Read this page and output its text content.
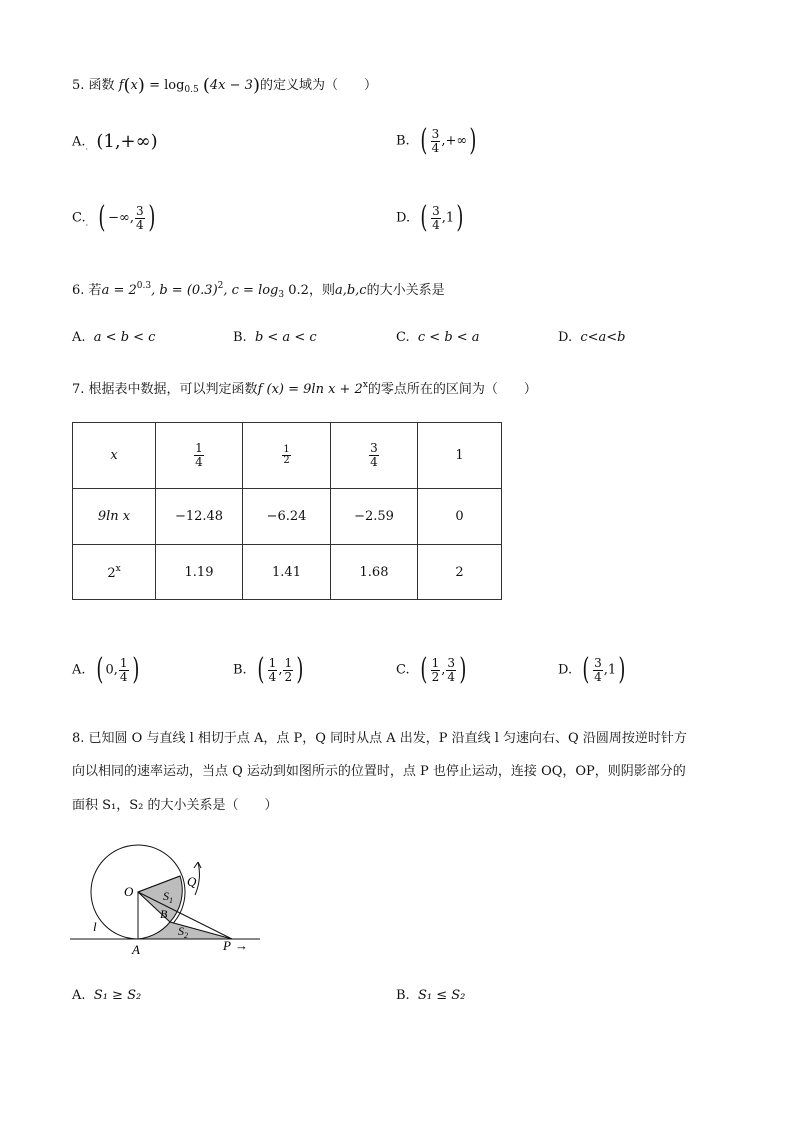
5. 函数 $f(x) = \log_{0.5} (4x - 3)$的定义域为（　　）
$A._.$ (1,+∞)	B. ( $\frac{3}{4}$ ,+∞)
$C._.$ ( −∞, $\frac{3}{4}$ )	D. ( $\frac{3}{4} ,1$)
6. 若$a = 2^{0.3}$, $b = (0.3)^2$, $c = \log_3 0.2$，则a,b,c的大小关系是
A. a < b < c	B. b < a < c	C. c < b < a	D. c<a<b
7. 根据表中数据，可以判定函数f (x) = 9ln $x + 2^x$的零点所在的区间为（　　）
x	$\frac{1}{4}$	$\frac{1}{2}$	$\frac{3}{4}$	1
9ln x	−12.48	−6.24	−2.59	0
2$^x$	1.19	1.41	1.68	2
A. ( 0, $\frac{1}{4}$ )	B. ( $\frac{1}{4}$ , $\frac{1}{2}$ )	C. ( $\frac{1}{2}$ , $\frac{3}{4}$ )	D. ( $\frac{3}{4} ,1$)
8. 已知圆 O 与直线 l 相切于点 A，点 P，Q 同时从点 A 出发，P 沿直线 l 匀速向右、Q 沿圆周按逆时针方
向以相同的速率运动，当点 Q 运动到如图所示的位置时，点 P 也停止运动，连接 OQ，OP，则阴影部分的
面积 S₁，S₂ 的大小关系是（　　）
O
Q
B
l
A	P →
$S_1$
$S_2$
A. S₁ ≥ S₂	B. S₁ ≤ S₂
